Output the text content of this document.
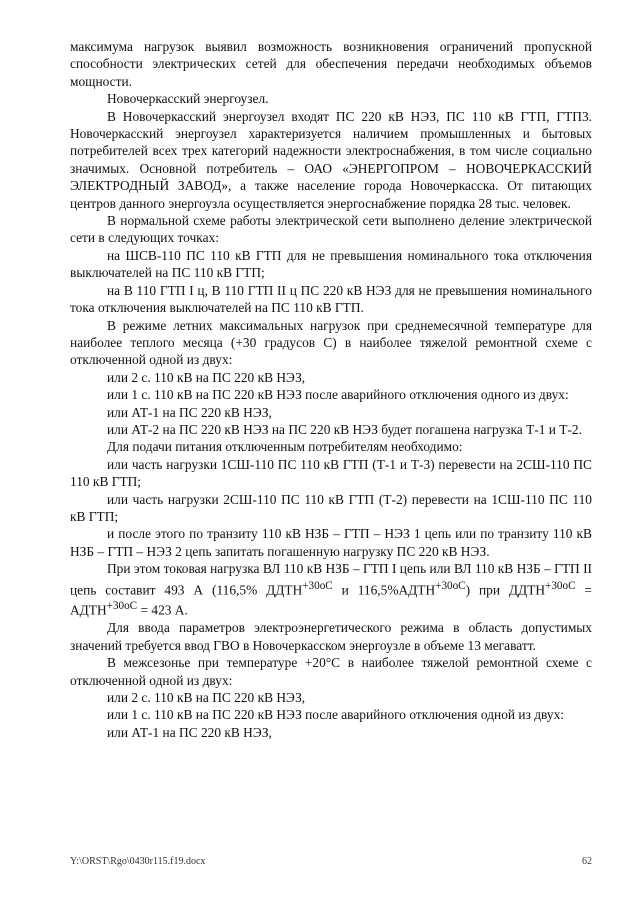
максимума нагрузок выявил возможность возникновения ограничений пропускной способности электрических сетей для обеспечения передачи необходимых объемов мощности.

Новочеркасский энергоузел.

В Новочеркасский энергоузел входят ПС 220 кВ НЭЗ, ПС 110 кВ ГТП, ГТП3. Новочеркасский энергоузел характеризуется наличием промышленных и бытовых потребителей всех трех категорий надежности электроснабжения, в том числе социально значимых. Основной потребитель – ОАО «ЭНЕРГОПРОМ – НОВОЧЕРКАССКИЙ ЭЛЕКТРОДНЫЙ ЗАВОД», а также население города Новочеркасска. От питающих центров данного энергоузла осуществляется энергоснабжение порядка 28 тыс. человек.

В нормальной схеме работы электрической сети выполнено деление электрической сети в следующих точках:

на ШСВ-110 ПС 110 кВ ГТП для не превышения номинального тока отключения выключателей на ПС 110 кВ ГТП;

на В 110 ГТП I ц, В 110 ГТП II ц ПС 220 кВ НЭЗ для не превышения номинального тока отключения выключателей на ПС 110 кВ ГТП.

В режиме летних максимальных нагрузок при среднемесячной температуре для наиболее теплого месяца (+30 градусов С) в наиболее тяжелой ремонтной схеме с отключенной одной из двух:

или 2 с. 110 кВ на ПС 220 кВ НЭЗ,

или 1 с. 110 кВ на ПС 220 кВ НЭЗ после аварийного отключения одного из двух:

или АТ-1 на ПС 220 кВ НЭЗ,

или АТ-2 на ПС 220 кВ НЭЗ на ПС 220 кВ НЭЗ будет погашена нагрузка Т-1 и Т-2.

Для подачи питания отключенным потребителям необходимо:

или часть нагрузки 1СШ-110 ПС 110 кВ ГТП (Т-1 и Т-3) перевести на 2СШ-110 ПС 110 кВ ГТП;

или часть нагрузки 2СШ-110 ПС 110 кВ ГТП (Т-2) перевести на 1СШ-110 ПС 110 кВ ГТП;

и после этого по транзиту 110 кВ НЗБ – ГТП – НЭЗ 1 цепь или по транзиту 110 кВ НЗБ – ГТП – НЭЗ 2 цепь запитать погашенную нагрузку ПС 220 кВ НЭЗ.

При этом токовая нагрузка ВЛ 110 кВ НЗБ – ГТП I цепь или ВЛ 110 кВ НЗБ – ГТП II цепь составит 493 А (116,5% $ДДТН^{+30оС}$ и $116,5\%АДТН^{+30оС}$) при $ДДТН^{+30оС}$ = $АДТН^{+30оС} = 423$ А.

Для ввода параметров электроэнергетического режима в область допустимых значений требуется ввод ГВО в Новочеркасском энергоузле в объеме 13 мегаватт.

В межсезонье при температуре +20°С в наиболее тяжелой ремонтной схеме с отключенной одной из двух:

или 2 с. 110 кВ на ПС 220 кВ НЭЗ,

или 1 с. 110 кВ на ПС 220 кВ НЭЗ после аварийного отключения одной из двух:

или АТ-1 на ПС 220 кВ НЭЗ,

Y:\ORST\Rgo\0430r115.f19.docx	62
